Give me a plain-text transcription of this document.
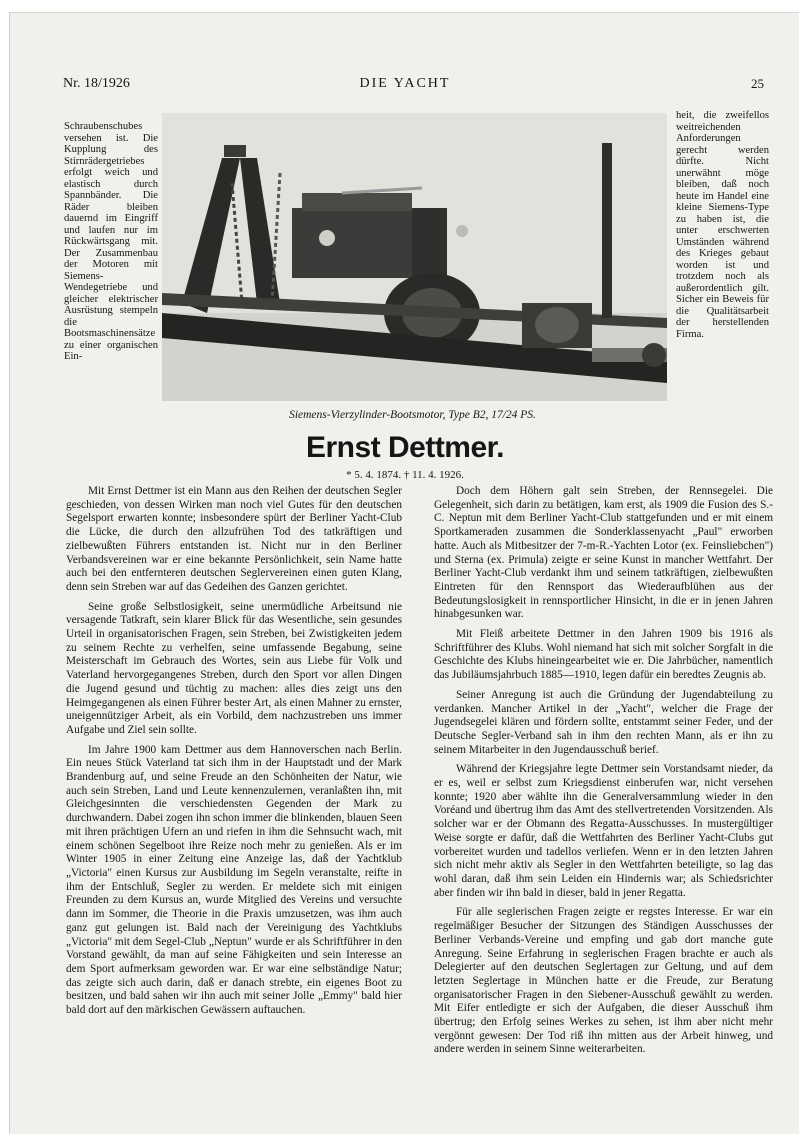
Nr. 18/1926	DIE YACHT	25

Schraubenschubes versehen ist. Die Kupplung des Stirnrädergetriebes erfolgt weich und elastisch durch Spannbänder. Die Räder bleiben dauernd im Eingriff und laufen nur im Rückwärtsgang mit. Der Zusammenbau der Motoren mit Siemens-Wendegetriebe und gleicher elektrischer Ausrüstung stempeln die Bootsmaschinensätze zu einer organischen Ein-

heit, die zweifellos weitreichenden Anforderungen gerecht werden dürfte. Nicht unerwähnt möge bleiben, daß noch heute im Handel eine kleine Siemens-Type zu haben ist, die unter erschwerten Umständen während des Krieges gebaut worden ist und trotzdem noch als außerordentlich gilt. Sicher ein Beweis für die Qualitätsarbeit der herstellenden Firma.

Siemens-Vierzylinder-Bootsmotor, Type B2, 17/24 PS.
Ernst Dettmer.
* 5. 4. 1874. † 11. 4. 1926.

Mit Ernst Dettmer ist ein Mann aus den Reihen der deutschen Segler geschieden, von dessen Wirken man noch viel Gutes für den deutschen Segelsport erwarten konnte; insbesondere spürt der Berliner Yacht-Club die Lücke, die durch den allzufrühen Tod des tatkräftigen und zielbewußten Führers entstanden ist. Nicht nur in den Berliner Verbandsvereinen war er eine bekannte Persönlichkeit, sein Name hatte auch bei den entfernteren deutschen Seglervereinen einen guten Klang, denn sein Streben war auf das Gedeihen des Ganzen gerichtet.

Seine große Selbstlosigkeit, seine unermüdliche Arbeitsund nie versagende Tatkraft, sein klarer Blick für das Wesentliche, sein gesundes Urteil in organisatorischen Fragen, sein Streben, bei Zwistigkeiten jedem zu seinem Rechte zu verhelfen, seine umfassende Begabung, seine Meisterschaft im Gebrauch des Wortes, sein aus Liebe für Volk und Vaterland hervorgegangenes Streben, durch den Sport vor allen Dingen die Jugend gesund und tüchtig zu machen: alles dies zeigt uns den Heimgegangenen als einen Führer bester Art, als einen Mahner zu ernster, uneigennütziger Arbeit, als ein Vorbild, dem nachzustreben uns immer Aufgabe und Ziel sein sollte.

Im Jahre 1900 kam Dettmer aus dem Hannoverschen nach Berlin. Ein neues Stück Vaterland tat sich ihm in der Hauptstadt und der Mark Brandenburg auf, und seine Freude an den Schönheiten der Natur, wie auch sein Streben, Land und Leute kennenzulernen, veranlaßten ihn, mit Gleichgesinnten die verschiedensten Gegenden der Mark zu durchwandern. Dabei zogen ihn schon immer die blinkenden, blauen Seen mit ihren prächtigen Ufern an und riefen in ihm die Sehnsucht wach, mit einem schönen Segelboot ihre Reize noch mehr zu genießen. Als er im Winter 1905 in einer Zeitung eine Anzeige las, daß der Yachtklub „Victoria" einen Kursus zur Ausbildung im Segeln veranstalte, reifte in ihm der Entschluß, Segler zu werden. Er meldete sich mit einigen Freunden zu dem Kursus an, wurde Mitglied des Vereins und versuchte dann im Sommer, die Theorie in die Praxis umzusetzen, was ihm auch ganz gut gelungen ist. Bald nach der Vereinigung des Yachtklubs „Victoria" mit dem Segel-Club „Neptun" wurde er als Schriftführer in den Vorstand gewählt, da man auf seine Fähigkeiten und sein Interesse an dem Sport aufmerksam geworden war. Er war eine selbständige Natur; das zeigte sich auch darin, daß er danach strebte, ein eigenes Boot zu besitzen, und bald sahen wir ihn auch mit seiner Jolle „Emmy" bald hier bald dort auf den märkischen Gewässern auftauchen.

Doch dem Höhern galt sein Streben, der Rennsegelei. Die Gelegenheit, sich darin zu betätigen, kam erst, als 1909 die Fusion des S.-C. Neptun mit dem Berliner Yacht-Club stattgefunden und er mit einem Sportkameraden zusammen die Sonderklassenyacht „Paul" erworben hatte. Auch als Mitbesitzer der 7-m-R.-Yachten Lotor (ex. Feinsliebchen") und Sterna (ex. Primula) zeigte er seine Kunst in mancher Wettfahrt. Der Berliner Yacht-Club verdankt ihm und seinem tatkräftigen, zielbewußten Eintreten für den Rennsport das Wiederaufblühen aus der Bedeutungslosigkeit in rennsportlicher Hinsicht, in die er in jenen Jahren hinabgesunken war.

Mit Fleiß arbeitete Dettmer in den Jahren 1909 bis 1916 als Schriftführer des Klubs. Wohl niemand hat sich mit solcher Sorgfalt in die Geschichte des Klubs hineingearbeitet wie er. Die Jahrbücher, namentlich das Jubiläumsjahrbuch 1885—1910, legen dafür ein beredtes Zeugnis ab.

Seiner Anregung ist auch die Gründung der Jugendabteilung zu verdanken. Mancher Artikel in der „Yacht", welcher die Frage der Jugendsegelei klären und fördern sollte, entstammt seiner Feder, und der Deutsche Segler-Verband sah in ihm den rechten Mann, als er ihn zu seinem Mitarbeiter in den Jugendausschuß berief.

Während der Kriegsjahre legte Dettmer sein Vorstandsamt nieder, da er es, weil er selbst zum Kriegsdienst einberufen war, nicht versehen konnte; 1920 aber wählte ihn die Generalversammlung wieder in den Voréand und übertrug ihm das Amt des stellvertretenden Vorsitzenden. Als solcher war er der Obmann des Regatta-Ausschusses. In mustergültiger Weise sorgte er dafür, daß die Wettfahrten des Berliner Yacht-Clubs gut vorbereitet wurden und tadellos verliefen. Wenn er in den letzten Jahren sich nicht mehr aktiv als Segler in den Wettfahrten beteiligte, so lag das wohl daran, daß ihm sein Leiden ein Hindernis war; als Schiedsrichter aber finden wir ihn bald in dieser, bald in jener Regatta.

Für alle seglerischen Fragen zeigte er regstes Interesse. Er war ein regelmäßiger Besucher der Sitzungen des Ständigen Ausschusses der Berliner Verbands-Vereine und empfing und gab dort manche gute Anregung. Seine Erfahrung in seglerischen Fragen brachte er auch als Delegierter auf den deutschen Seglertagen zur Geltung, und auf dem letzten Seglertage in München hatte er die Freude, zur Beratung organisatorischer Fragen in den Siebener-Ausschuß gewählt zu werden. Mit Eifer entledigte er sich der Aufgaben, die dieser Ausschuß ihm übertrug; den Erfolg seines Werkes zu sehen, ist ihm aber nicht mehr vergönnt gewesen: Der Tod riß ihn mitten aus der Arbeit hinweg, und andere werden in seinem Sinne weiterarbeiten.
